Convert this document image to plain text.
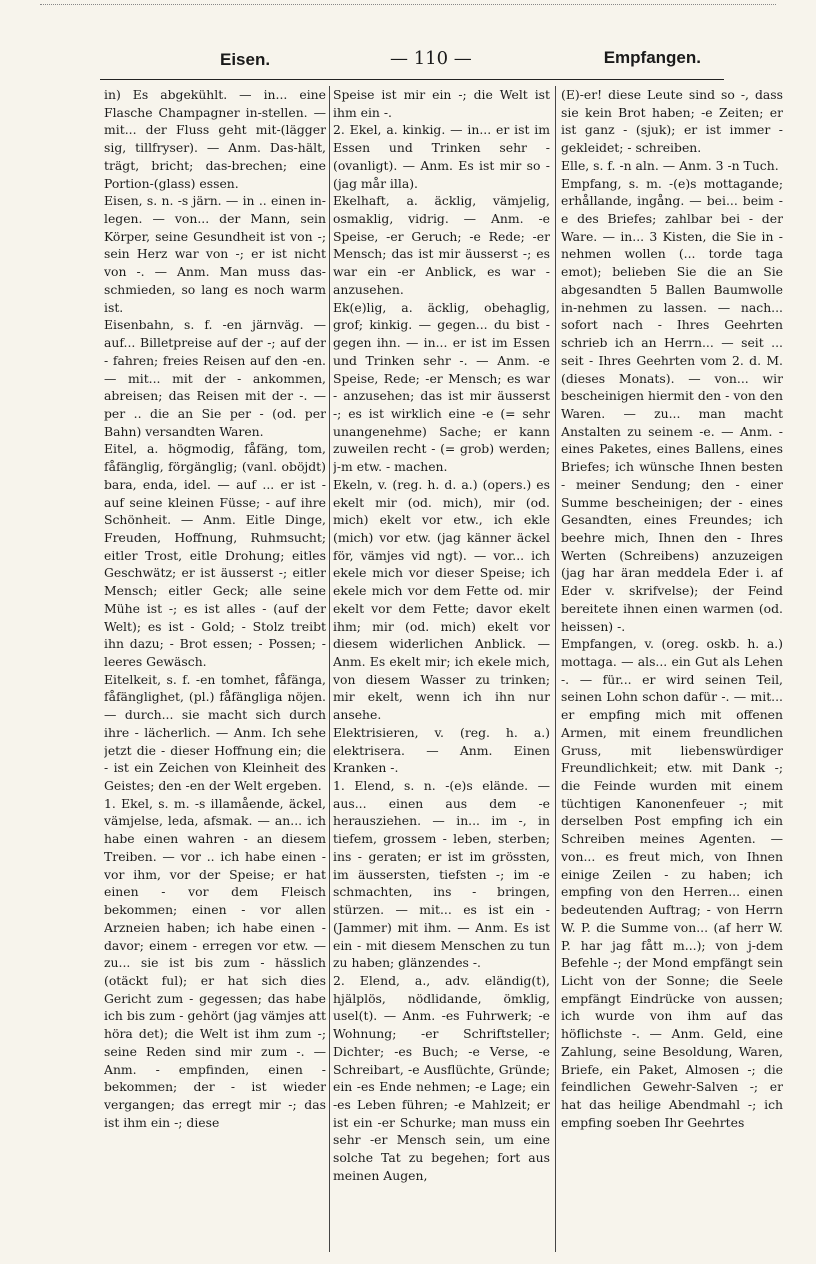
Eisen.	— 110 —	Empfangen.

in) Es abgekühlt. — in... eine Flasche Champagner in-stellen. — mit... der Fluss geht mit-(lägger sig, tillfryser). — Anm. Das-hält, trägt, bricht; das-brechen; eine Portion-(glass) essen.

Eisen, s. n. -s järn. — in .. einen in-legen. — von... der Mann, sein Körper, seine Gesundheit ist von -; sein Herz war von -; er ist nicht von -. — Anm. Man muss das-schmieden, so lang es noch warm ist.

Eisenbahn, s. f. -en järnväg. — auf... Billetpreise auf der -; auf der - fahren; freies Reisen auf den -en. — mit... mit der - ankommen, abreisen; das Reisen mit der -. — per .. die an Sie per - (od. per Bahn) versandten Waren.

Eitel, a. högmodig, fåfäng, tom, fåfänglig, förgänglig; (vanl. oböjdt) bara, enda, idel. — auf ... er ist - auf seine kleinen Füsse; - auf ihre Schönheit. — Anm. Eitle Dinge, Freuden, Hoffnung, Ruhmsucht; eitler Trost, eitle Drohung; eitles Geschwätz; er ist äusserst -; eitler Mensch; eitler Geck; alle seine Mühe ist -; es ist alles - (auf der Welt); es ist - Gold; - Stolz treibt ihn dazu; - Brot essen; - Possen; - leeres Gewäsch.

Eitelkeit, s. f. -en tomhet, fåfänga, fåfänglighet, (pl.) fåfängliga nöjen. — durch... sie macht sich durch ihre - lächerlich. — Anm. Ich sehe jetzt die - dieser Hoffnung ein; die - ist ein Zeichen von Kleinheit des Geistes; den -en der Welt ergeben.

1. Ekel, s. m. -s illamående, äckel, vämjelse, leda, afsmak. — an... ich habe einen wahren - an diesem Treiben. — vor .. ich habe einen - vor ihm, vor der Speise; er hat einen - vor dem Fleisch bekommen; einen - vor allen Arzneien haben; ich habe einen - davor; einem - erregen vor etw. — zu... sie ist bis zum - hässlich (otäckt ful); er hat sich dies Gericht zum - gegessen; das habe ich bis zum - gehört (jag vämjes att höra det); die Welt ist ihm zum -; seine Reden sind mir zum -. — Anm. - empfinden, einen - bekommen; der - ist wieder vergangen; das erregt mir -; das ist ihm ein -; diese

Speise ist mir ein -; die Welt ist ihm ein -.

2. Ekel, a. kinkig. — in... er ist im Essen und Trinken sehr - (ovanligt). — Anm. Es ist mir so - (jag mår illa).

Ekelhaft, a. äcklig, vämjelig, osmaklig, vidrig. — Anm. -e Speise, -er Geruch; -e Rede; -er Mensch; das ist mir äusserst -; es war ein -er Anblick, es war - anzusehen.

Ek(e)lig, a. äcklig, obehaglig, grof; kinkig. — gegen... du bist - gegen ihn. — in... er ist im Essen und Trinken sehr -. — Anm. -e Speise, Rede; -er Mensch; es war - anzusehen; das ist mir äusserst -; es ist wirklich eine -e (= sehr unangenehme) Sache; er kann zuweilen recht - (= grob) werden; j-m etw. - machen.

Ekeln, v. (reg. h. d. a.) (opers.) es ekelt mir (od. mich), mir (od. mich) ekelt vor etw., ich ekle (mich) vor etw. (jag känner äckel för, vämjes vid ngt). — vor... ich ekele mich vor dieser Speise; ich ekele mich vor dem Fette od. mir ekelt vor dem Fette; davor ekelt ihm; mir (od. mich) ekelt vor diesem widerlichen Anblick. — Anm. Es ekelt mir; ich ekele mich, von diesem Wasser zu trinken; mir ekelt, wenn ich ihn nur ansehe.

Elektrisieren, v. (reg. h. a.) elektrisera. — Anm. Einen Kranken -.

1. Elend, s. n. -(e)s elände. — aus... einen aus dem -e herausziehen. — in... im -, in tiefem, grossem - leben, sterben; ins - geraten; er ist im grössten, im äussersten, tiefsten -; im -e schmachten, ins - bringen, stürzen. — mit... es ist ein - (Jammer) mit ihm. — Anm. Es ist ein - mit diesem Menschen zu tun zu haben; glänzendes -.

2. Elend, a., adv. eländig(t), hjälplös, nödlidande, ömklig, usel(t). — Anm. -es Fuhrwerk; -e Wohnung; -er Schriftsteller; Dichter; -es Buch; -e Verse, -e Schreibart, -e Ausflüchte, Gründe; ein -es Ende nehmen; -e Lage; ein -es Leben führen; -e Mahlzeit; er ist ein -er Schurke; man muss ein sehr -er Mensch sein, um eine solche Tat zu begehen; fort aus meinen Augen,

(E)-er! diese Leute sind so -, dass sie kein Brot haben; -e Zeiten; er ist ganz - (sjuk); er ist immer - gekleidet; - schreiben.

Elle, s. f. -n aln. — Anm. 3 -n Tuch.

Empfang, s. m. -(e)s mottagande; erhållande, ingång. — bei... beim -e des Briefes; zahlbar bei - der Ware. — in... 3 Kisten, die Sie in - nehmen wollen (... torde taga emot); belieben Sie die an Sie abgesandten 5 Ballen Baumwolle in-nehmen zu lassen. — nach... sofort nach - Ihres Geehrten schrieb ich an Herrn... — seit ... seit - Ihres Geehrten vom 2. d. M. (dieses Monats). — von... wir bescheinigen hiermit den - von den Waren. — zu... man macht Anstalten zu seinem -e. — Anm. - eines Paketes, eines Ballens, eines Briefes; ich wünsche Ihnen besten - meiner Sendung; den - einer Summe bescheinigen; der - eines Gesandten, eines Freundes; ich beehre mich, Ihnen den - Ihres Werten (Schreibens) anzuzeigen (jag har äran meddela Eder i. af Eder v. skrifvelse); der Feind bereitete ihnen einen warmen (od. heissen) -.

Empfangen, v. (oreg. oskb. h. a.) mottaga. — als... ein Gut als Lehen -. — für... er wird seinen Teil, seinen Lohn schon dafür -. — mit... er empfing mich mit offenen Armen, mit einem freundlichen Gruss, mit liebenswürdiger Freundlichkeit; etw. mit Dank -; die Feinde wurden mit einem tüchtigen Kanonenfeuer -; mit derselben Post empfing ich ein Schreiben meines Agenten. — von... es freut mich, von Ihnen einige Zeilen - zu haben; ich empfing von den Herren... einen bedeutenden Auftrag; - von Herrn W. P. die Summe von... (af herr W. P. har jag fått m...); von j-dem Befehle -; der Mond empfängt sein Licht von der Sonne; die Seele empfängt Eindrücke von aussen; ich wurde von ihm auf das höflichste -. — Anm. Geld, eine Zahlung, seine Besoldung, Waren, Briefe, ein Paket, Almosen -; die feindlichen Gewehr-Salven -; er hat das heilige Abendmahl -; ich empfing soeben Ihr Geehrtes
